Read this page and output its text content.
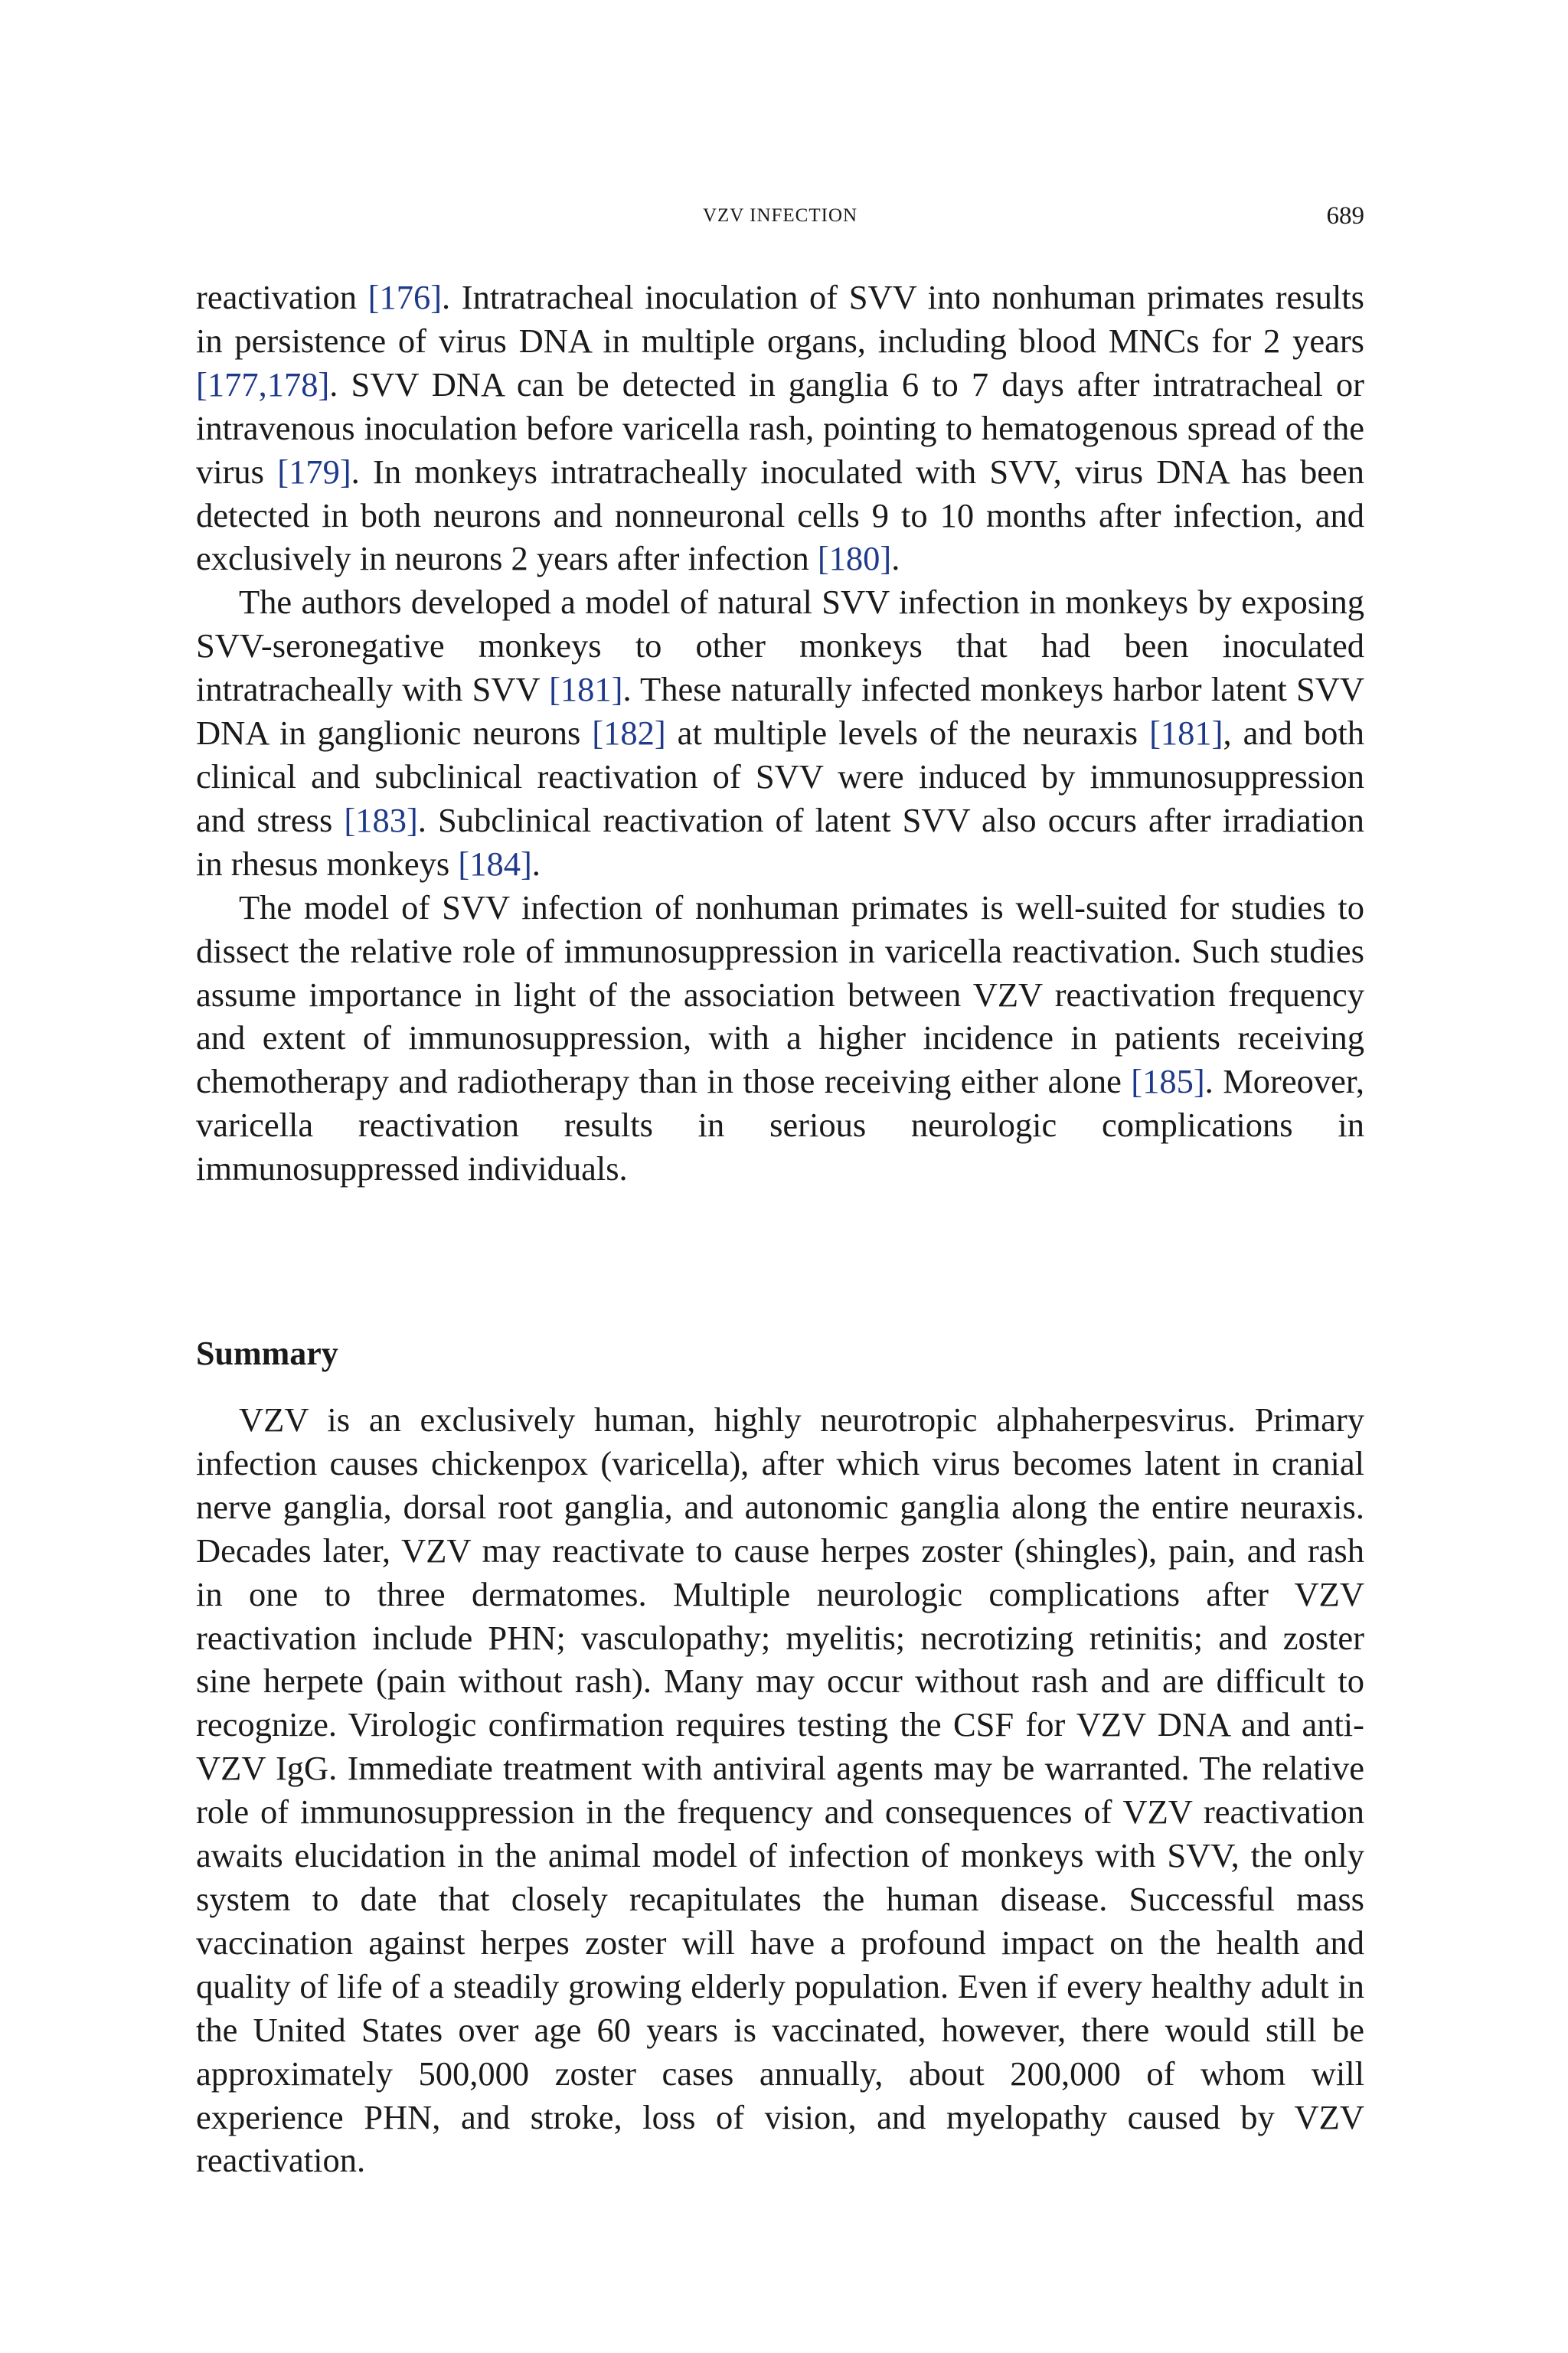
VZV INFECTION	689

reactivation [176]. Intratracheal inoculation of SVV into nonhuman primates results in persistence of virus DNA in multiple organs, including blood MNCs for 2 years [177,178]. SVV DNA can be detected in ganglia 6 to 7 days after intratracheal or intravenous inoculation before varicella rash, pointing to hematogenous spread of the virus [179]. In monkeys intratracheally inoculated with SVV, virus DNA has been detected in both neurons and nonneuronal cells 9 to 10 months after infection, and exclusively in neurons 2 years after infection [180].

The authors developed a model of natural SVV infection in monkeys by exposing SVV-seronegative monkeys to other monkeys that had been inoculated intratracheally with SVV [181]. These naturally infected monkeys harbor latent SVV DNA in ganglionic neurons [182] at multiple levels of the neuraxis [181], and both clinical and subclinical reactivation of SVV were induced by immunosuppression and stress [183]. Subclinical reactivation of latent SVV also occurs after irradiation in rhesus monkeys [184].

The model of SVV infection of nonhuman primates is well-suited for studies to dissect the relative role of immunosuppression in varicella reactivation. Such studies assume importance in light of the association between VZV reactivation frequency and extent of immunosuppression, with a higher incidence in patients receiving chemotherapy and radiotherapy than in those receiving either alone [185]. Moreover, varicella reactivation results in serious neurologic complications in immunosuppressed individuals.

Summary

VZV is an exclusively human, highly neurotropic alphaherpesvirus. Primary infection causes chickenpox (varicella), after which virus becomes latent in cranial nerve ganglia, dorsal root ganglia, and autonomic ganglia along the entire neuraxis. Decades later, VZV may reactivate to cause herpes zoster (shingles), pain, and rash in one to three dermatomes. Multiple neurologic complications after VZV reactivation include PHN; vasculopathy; myelitis; necrotizing retinitis; and zoster sine herpete (pain without rash). Many may occur without rash and are difficult to recognize. Virologic confirmation requires testing the CSF for VZV DNA and anti-VZV IgG. Immediate treatment with antiviral agents may be warranted. The relative role of immunosuppression in the frequency and consequences of VZV reactivation awaits elucidation in the animal model of infection of monkeys with SVV, the only system to date that closely recapitulates the human disease. Successful mass vaccination against herpes zoster will have a profound impact on the health and quality of life of a steadily growing elderly population. Even if every healthy adult in the United States over age 60 years is vaccinated, however, there would still be approximately 500,000 zoster cases annually, about 200,000 of whom will experience PHN, and stroke, loss of vision, and myelopathy caused by VZV reactivation.
